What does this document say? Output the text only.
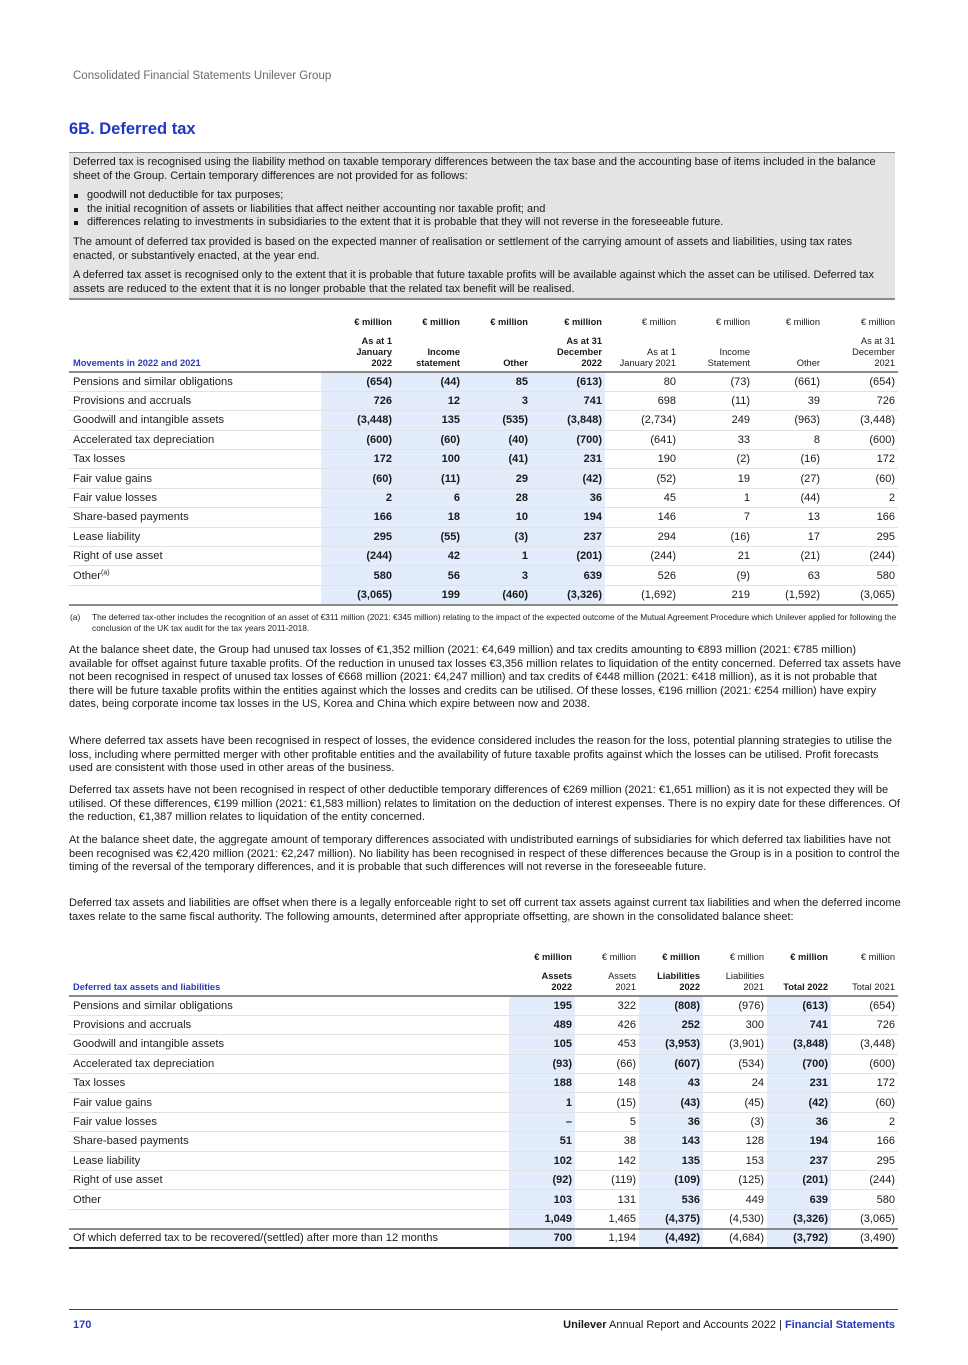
Consolidated Financial Statements Unilever Group
6B. Deferred tax

Deferred tax is recognised using the liability method on taxable temporary differences between the tax base and the accounting base of items included in the balance sheet of the Group. Certain temporary differences are not provided for as follows:

goodwill not deductible for tax purposes;
the initial recognition of assets or liabilities that affect neither accounting nor taxable profit; and
differences relating to investments in subsidiaries to the extent that it is probable that they will not reverse in the foreseeable future.

The amount of deferred tax provided is based on the expected manner of realisation or settlement of the carrying amount of assets and liabilities, using tax rates enacted, or substantively enacted, at the year end.

A deferred tax asset is recognised only to the extent that it is probable that future taxable profits will be available against which the asset can be utilised. Deferred tax assets are reduced to the extent that it is no longer probable that the related tax benefit will be realised.

	€ million	€ million	€ million	€ million	€ million	€ million	€ million	€ million
Movements in 2022 and 2021	As at 1
January
2022	Income
statement	Other	As at 31
December
2022	As at 1
January 2021	Income
Statement	Other	As at 31
December
2021
Pensions and similar obligations	(654)	(44)	85	(613)	80	(73)	(661)	(654)
Provisions and accruals	726	12	3	741	698	(11)	39	726
Goodwill and intangible assets	(3,448)	135	(535)	(3,848)	(2,734)	249	(963)	(3,448)
Accelerated tax depreciation	(600)	(60)	(40)	(700)	(641)	33	8	(600)
Tax losses	172	100	(41)	231	190	(2)	(16)	172
Fair value gains	(60)	(11)	29	(42)	(52)	19	(27)	(60)
Fair value losses	2	6	28	36	45	1	(44)	2
Share-based payments	166	18	10	194	146	7	13	166
Lease liability	295	(55)	(3)	237	294	(16)	17	295
Right of use asset	(244)	42	1	(201)	(244)	21	(21)	(244)
Other$^{(a)}$	580	56	3	639	526	(9)	63	580
	(3,065)	199	(460)	(3,326)	(1,692)	219	(1,592)	(3,065)
(a)	The deferred tax-other includes the recognition of an asset of €311 million (2021: €345 million) relating to the impact of the expected outcome of the Mutual Agreement Procedure which Unilever applied for following the conclusion of the UK tax audit for the tax years 2011-2018.

At the balance sheet date, the Group had unused tax losses of €1,352 million (2021: €4,649 million) and tax credits amounting to €893 million (2021: €785 million) available for offset against future taxable profits. Of the reduction in unused tax losses €3,356 million relates to liquidation of the entity concerned. Deferred tax assets have not been recognised in respect of unused tax losses of €668 million (2021: €4,247 million) and tax credits of €448 million (2021: €418 million), as it is not probable that there will be future taxable profits within the entities against which the losses and credits can be utilised. Of these losses, €196 million (2021: €254 million) have expiry dates, being corporate income tax losses in the US, Korea and China which expire between now and 2038.

Where deferred tax assets have been recognised in respect of losses, the evidence considered includes the reason for the loss, potential planning strategies to utilise the loss, including where permitted merger with other profitable entities and the availability of future taxable profits against which the losses can be utilised. Profit forecasts used are consistent with those used in other areas of the business.

Deferred tax assets have not been recognised in respect of other deductible temporary differences of €269 million (2021: €1,651 million) as it is not expected they will be utilised. Of these differences, €199 million (2021: €1,583 million) relates to limitation on the deduction of interest expenses. There is no expiry date for these differences. Of the reduction, €1,387 million relates to liquidation of the entity concerned.

At the balance sheet date, the aggregate amount of temporary differences associated with undistributed earnings of subsidiaries for which deferred tax liabilities have not been recognised was €2,420 million (2021: €2,247 million). No liability has been recognised in respect of these differences because the Group is in a position to control the timing of the reversal of the temporary differences, and it is probable that such differences will not reverse in the foreseeable future.

Deferred tax assets and liabilities are offset when there is a legally enforceable right to set off current tax assets against current tax liabilities and when the deferred income taxes relate to the same fiscal authority. The following amounts, determined after appropriate offsetting, are shown in the consolidated balance sheet:

	€ million	€ million	€ million	€ million	€ million	€ million
Deferred tax assets and liabilities	Assets
2022	Assets
2021	Liabilities
2022	Liabilities
2021	Total 2022	Total 2021
Pensions and similar obligations	195	322	(808)	(976)	(613)	(654)
Provisions and accruals	489	426	252	300	741	726
Goodwill and intangible assets	105	453	(3,953)	(3,901)	(3,848)	(3,448)
Accelerated tax depreciation	(93)	(66)	(607)	(534)	(700)	(600)
Tax losses	188	148	43	24	231	172
Fair value gains	1	(15)	(43)	(45)	(42)	(60)
Fair value losses	–	5	36	(3)	36	2
Share-based payments	51	38	143	128	194	166
Lease liability	102	142	135	153	237	295
Right of use asset	(92)	(119)	(109)	(125)	(201)	(244)
Other	103	131	536	449	639	580
	1,049	1,465	(4,375)	(4,530)	(3,326)	(3,065)
Of which deferred tax to be recovered/(settled) after more than 12 months	700	1,194	(4,492)	(4,684)	(3,792)	(3,490)
170	Unilever Annual Report and Accounts 2022 | Financial Statements
